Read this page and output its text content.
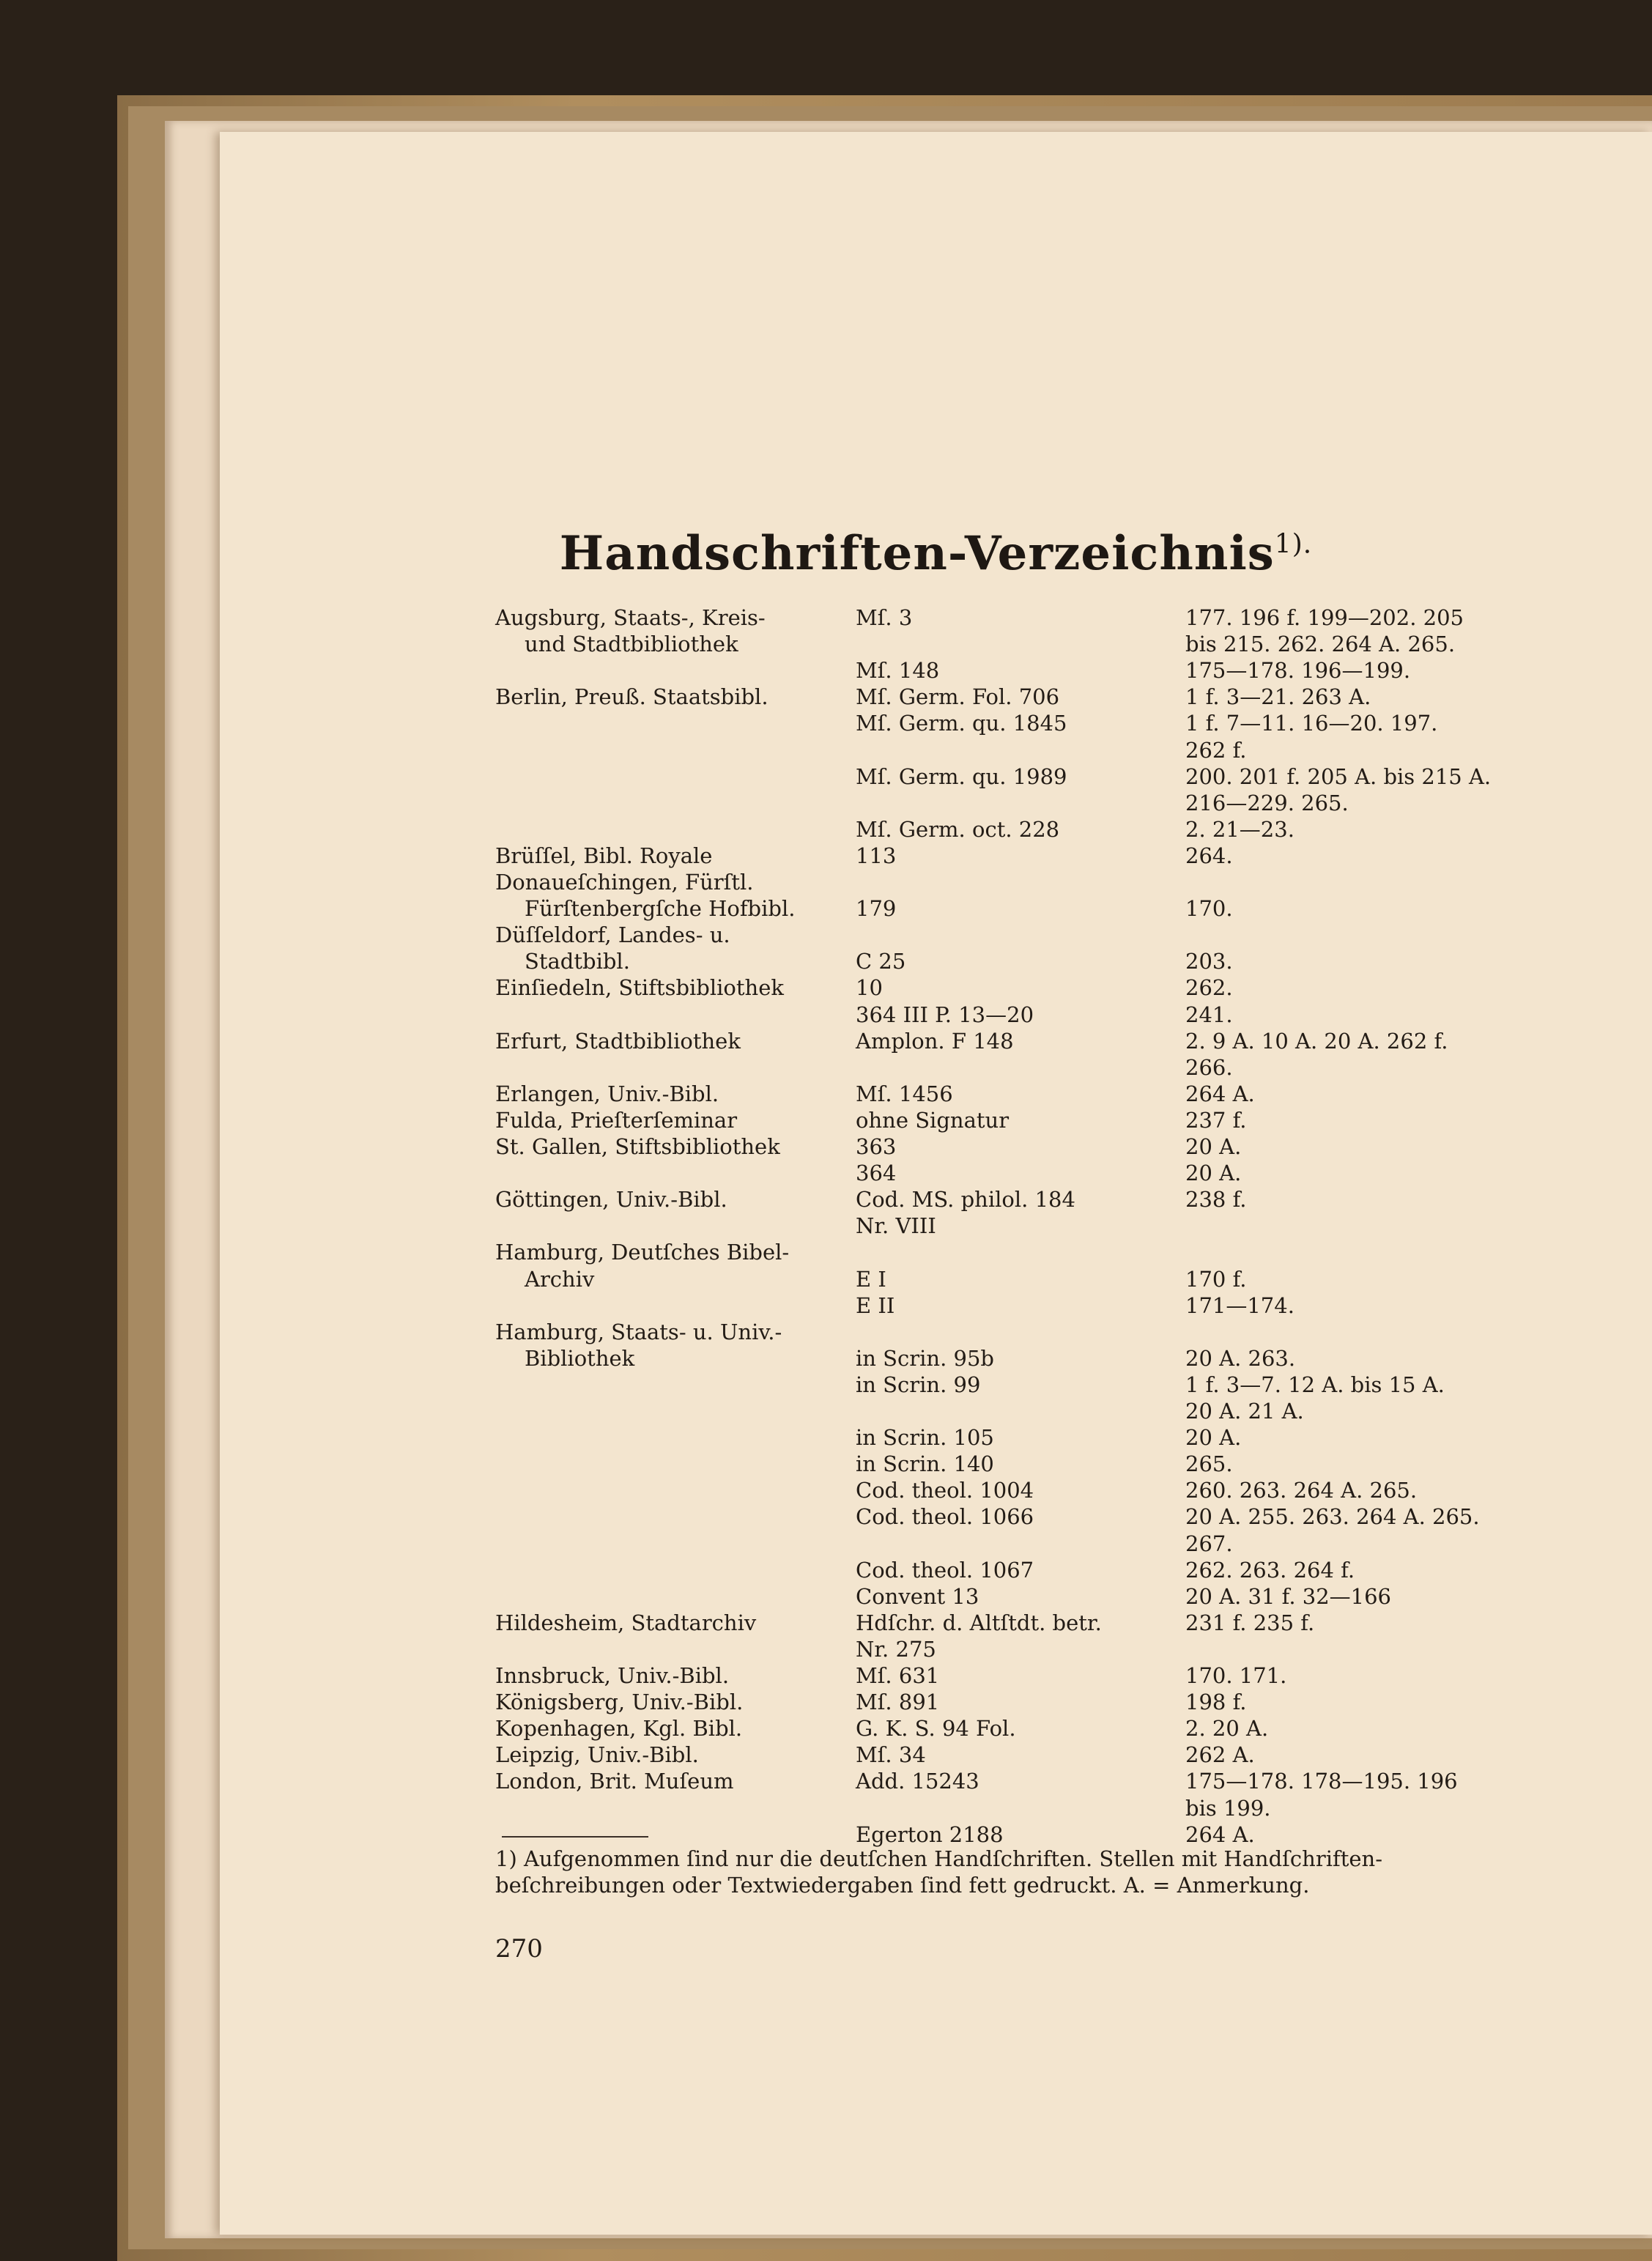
Handschriften-Verzeichnis$^{1).}$
Augsburg, Staats-, Kreis-	Mſ. 3	177. 196 f. 199—202. 205
und Stadtbibliothek	bis 215. 262. 264 A. 265.
Mſ. 148	175—178. 196—199.
Berlin, Preuß. Staatsbibl.	Mſ. Germ. Fol. 706	1 f. 3—21. 263 A.
Mſ. Germ. qu. 1845	1 f. 7—11. 16—20. 197.
262 f.
Mſ. Germ. qu. 1989	200. 201 f. 205 A. bis 215 A.
216—229. 265.
Mſ. Germ. oct. 228	2. 21—23.
Brüſſel, Bibl. Royale	113	264.
Donaueſchingen, Fürſtl.
Fürſtenbergſche Hofbibl.	179	170.
Düſſeldorf, Landes- u.
Stadtbibl.	C 25	203.
Einſiedeln, Stiftsbibliothek	10	262.
364 III P. 13—20	241.
Erfurt, Stadtbibliothek	Amplon. F 148	2. 9 A. 10 A. 20 A. 262 f.
266.
Erlangen, Univ.-Bibl.	Mſ. 1456	264 A.
Fulda, Prieſterſeminar	ohne Signatur	237 f.
St. Gallen, Stiftsbibliothek	363	20 A.
364	20 A.
Göttingen, Univ.-Bibl.	Cod. MS. philol. 184	238 f.
Nr. VIII
Hamburg, Deutſches Bibel-
Archiv	E I	170 f.
E II	171—174.
Hamburg, Staats- u. Univ.-
Bibliothek	in Scrin. 95b	20 A. 263.
in Scrin. 99	1 f. 3—7. 12 A. bis 15 A.
20 A. 21 A.
in Scrin. 105	20 A.
in Scrin. 140	265.
Cod. theol. 1004	260. 263. 264 A. 265.
Cod. theol. 1066	20 A. 255. 263. 264 A. 265.
267.
Cod. theol. 1067	262. 263. 264 f.
Convent 13	20 A. 31 f. 32—166
Hildesheim, Stadtarchiv	Hdſchr. d. Altſtdt. betr.	231 f. 235 f.
Nr. 275
Innsbruck, Univ.-Bibl.	Mſ. 631	170. 171.
Königsberg, Univ.-Bibl.	Mſ. 891	198 f.
Kopenhagen, Kgl. Bibl.	G. K. S. 94 Fol.	2. 20 A.
Leipzig, Univ.-Bibl.	Mſ. 34	262 A.
London, Brit. Muſeum	Add. 15243	175—178. 178—195. 196
bis 199.
Egerton 2188	264 A.
1) Aufgenommen ſind nur die deutſchen Handſchriften. Stellen mit Handſchriften-
beſchreibungen oder Textwiedergaben ſind fett gedruckt. A. = Anmerkung.
270
